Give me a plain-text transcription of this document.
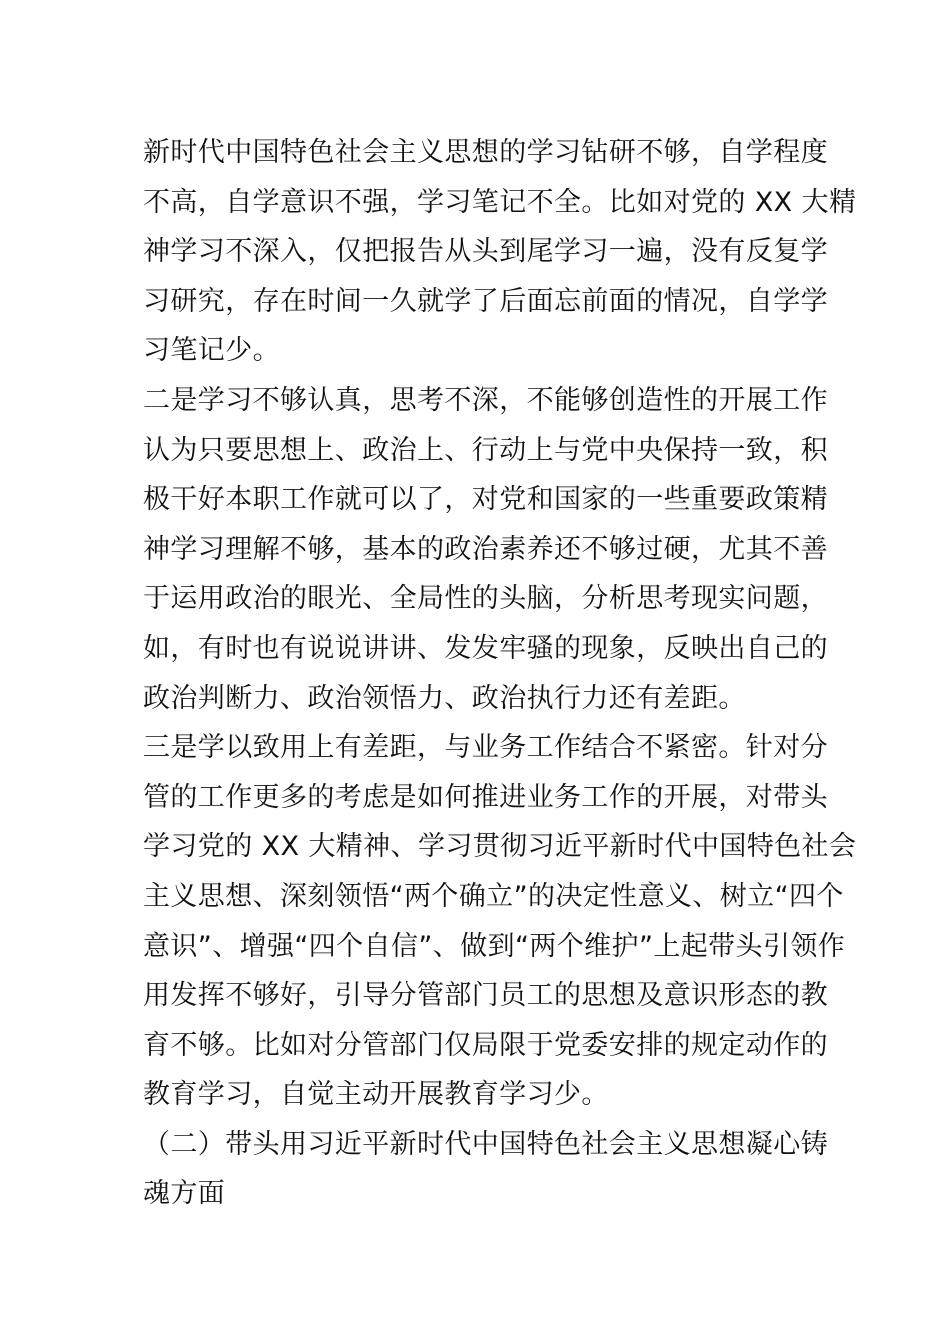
新时代中国特色社会主义思想的学习钻研不够，自学程度
不高，自学意识不强，学习笔记不全。比如对党的 XX 大精
神学习不深入，仅把报告从头到尾学习一遍，没有反复学
习研究，存在时间一久就学了后面忘前面的情况，自学学
习笔记少。
二是学习不够认真，思考不深，不能够创造性的开展工作
认为只要思想上、政治上、行动上与党中央保持一致，积
极干好本职工作就可以了，对党和国家的一些重要政策精
神学习理解不够，基本的政治素养还不够过硬，尤其不善
于运用政治的眼光、全局性的头脑，分析思考现实问题，
如，有时也有说说讲讲、发发牢骚的现象，反映出自己的
政治判断力、政治领悟力、政治执行力还有差距。
三是学以致用上有差距，与业务工作结合不紧密。针对分
管的工作更多的考虑是如何推进业务工作的开展，对带头
学习党的 XX 大精神、学习贯彻习近平新时代中国特色社会
主义思想、深刻领悟“两个确立”的决定性意义、树立“四个
意识”、增强“四个自信”、做到“两个维护”上起带头引领作
用发挥不够好，引导分管部门员工的思想及意识形态的教
育不够。比如对分管部门仅局限于党委安排的规定动作的
教育学习，自觉主动开展教育学习少。
（二）带头用习近平新时代中国特色社会主义思想凝心铸
魂方面
